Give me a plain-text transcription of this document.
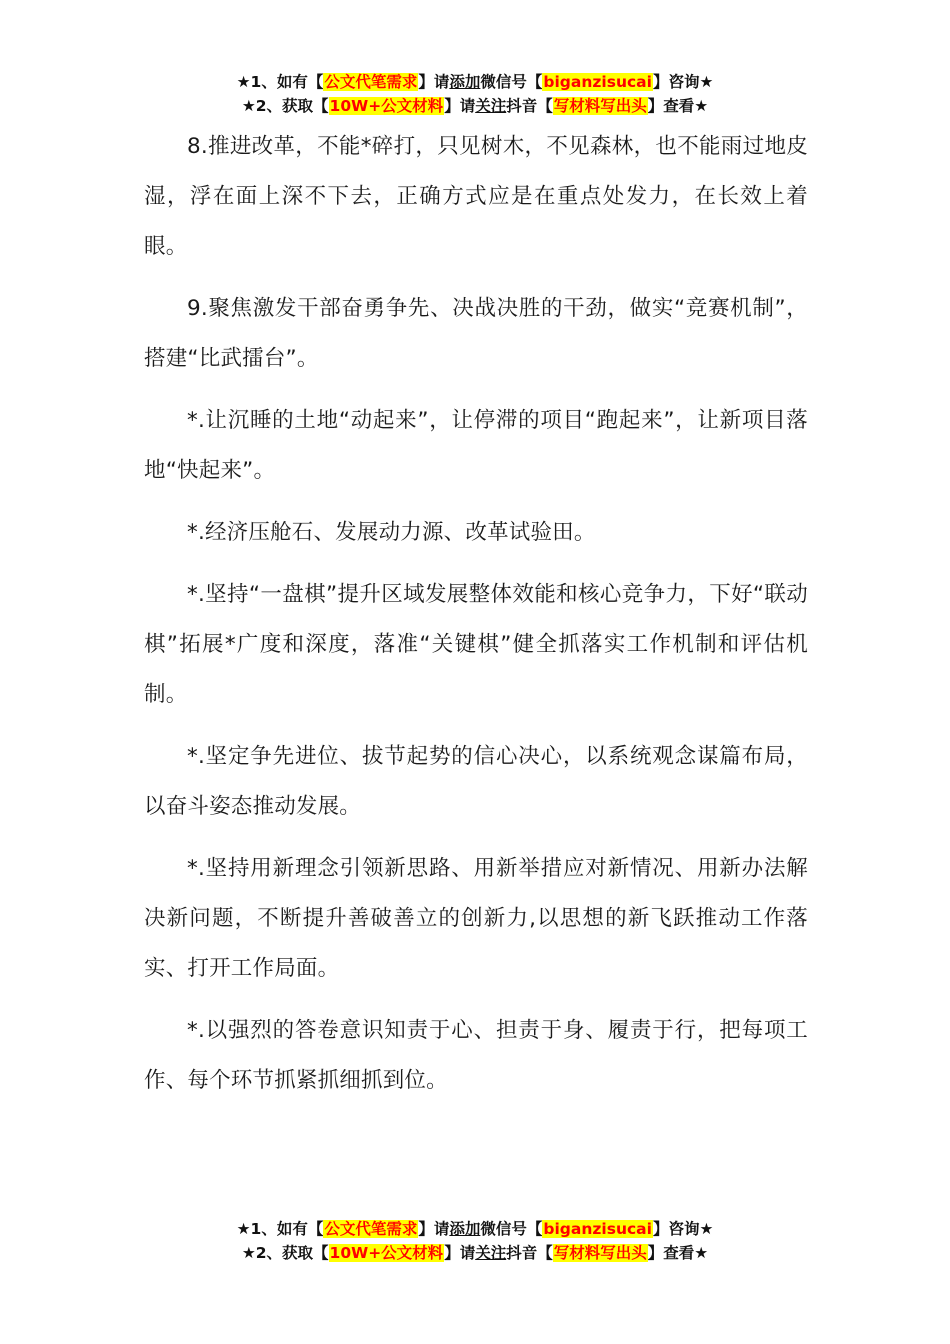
★1、如有【公文代笔需求】请添加微信号【biganzisucai】咨询★
★2、获取【10W+公文材料】请关注抖音【写材料写出头】查看★

8.推进改革，不能*碎打，只见树木，不见森林，也不能雨过地皮湿，浮在面上深不下去，正确方式应是在重点处发力，在长效上着眼。

9.聚焦激发干部奋勇争先、决战决胜的干劲，做实“竞赛机制”，搭建“比武擂台”。

*.让沉睡的土地“动起来”，让停滞的项目“跑起来”，让新项目落地“快起来”。

*.经济压舱石、发展动力源、改革试验田。

*.坚持“一盘棋”提升区域发展整体效能和核心竞争力，下好“联动棋”拓展*广度和深度，落准“关键棋”健全抓落实工作机制和评估机制。

*.坚定争先进位、拔节起势的信心决心，以系统观念谋篇布局，以奋斗姿态推动发展。

*.坚持用新理念引领新思路、用新举措应对新情况、用新办法解决新问题，不断提升善破善立的创新力,以思想的新飞跃推动工作落实、打开工作局面。

*.以强烈的答卷意识知责于心、担责于身、履责于行，把每项工作、每个环节抓紧抓细抓到位。

★1、如有【公文代笔需求】请添加微信号【biganzisucai】咨询★
★2、获取【10W+公文材料】请关注抖音【写材料写出头】查看★
